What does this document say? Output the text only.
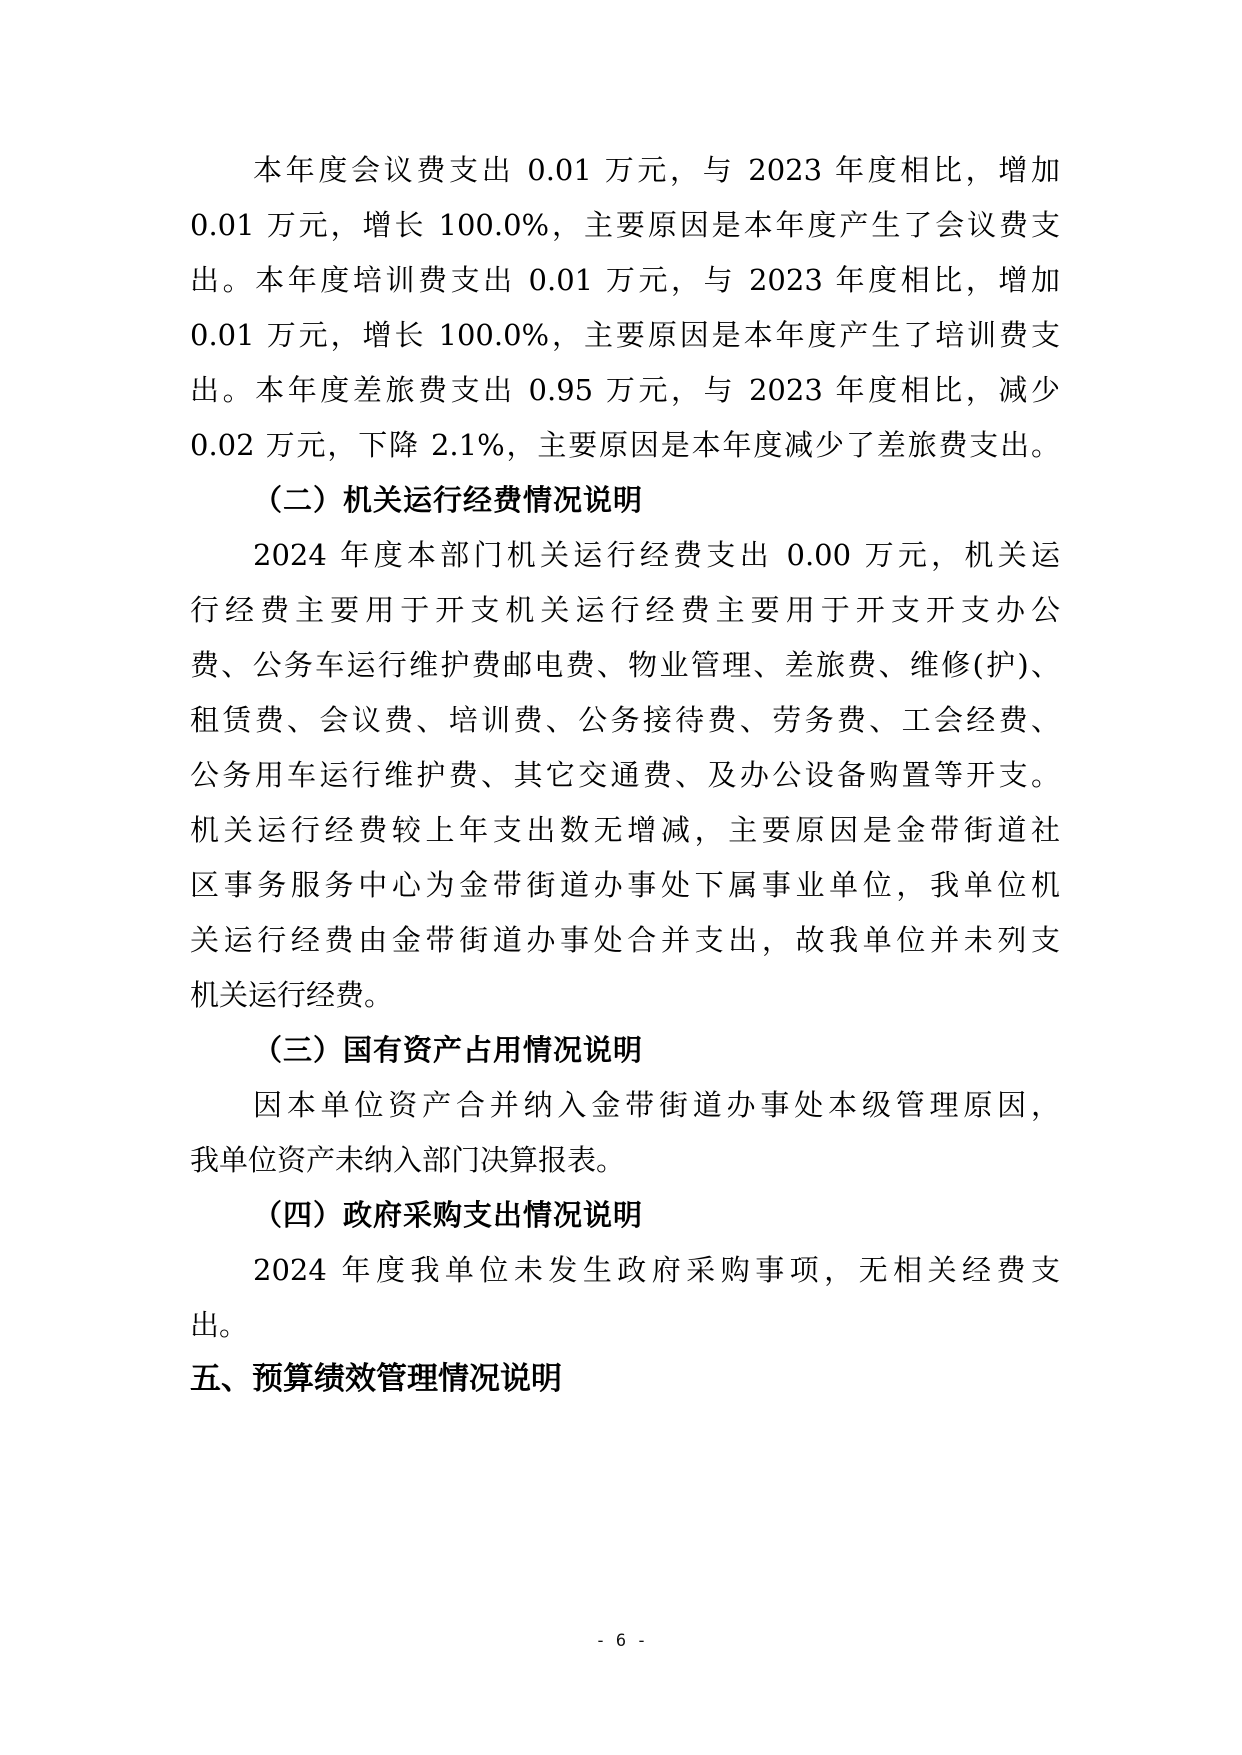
本年度会议费支出 0.01 万元，与 2023 年度相比，增加
0.01 万元，增长 100.0%，主要原因是本年度产生了会议费支
出。本年度培训费支出 0.01 万元，与 2023 年度相比，增加
0.01 万元，增长 100.0%，主要原因是本年度产生了培训费支
出。本年度差旅费支出 0.95 万元，与 2023 年度相比，减少
0.02 万元，下降 2.1%，主要原因是本年度减少了差旅费支出。
（二）机关运行经费情况说明
2024 年度本部门机关运行经费支出 0.00 万元，机关运
行经费主要用于开支机关运行经费主要用于开支开支办公
费、公务车运行维护费邮电费、物业管理、差旅费、维修(护)、
租赁费、会议费、培训费、公务接待费、劳务费、工会经费、
公务用车运行维护费、其它交通费、及办公设备购置等开支。
机关运行经费较上年支出数无增减，主要原因是金带街道社
区事务服务中心为金带街道办事处下属事业单位，我单位机
关运行经费由金带街道办事处合并支出，故我单位并未列支
机关运行经费。
（三）国有资产占用情况说明
因本单位资产合并纳入金带街道办事处本级管理原因，
我单位资产未纳入部门决算报表。
（四）政府采购支出情况说明
2024 年度我单位未发生政府采购事项，无相关经费支
出。
五、预算绩效管理情况说明
- 6 -
